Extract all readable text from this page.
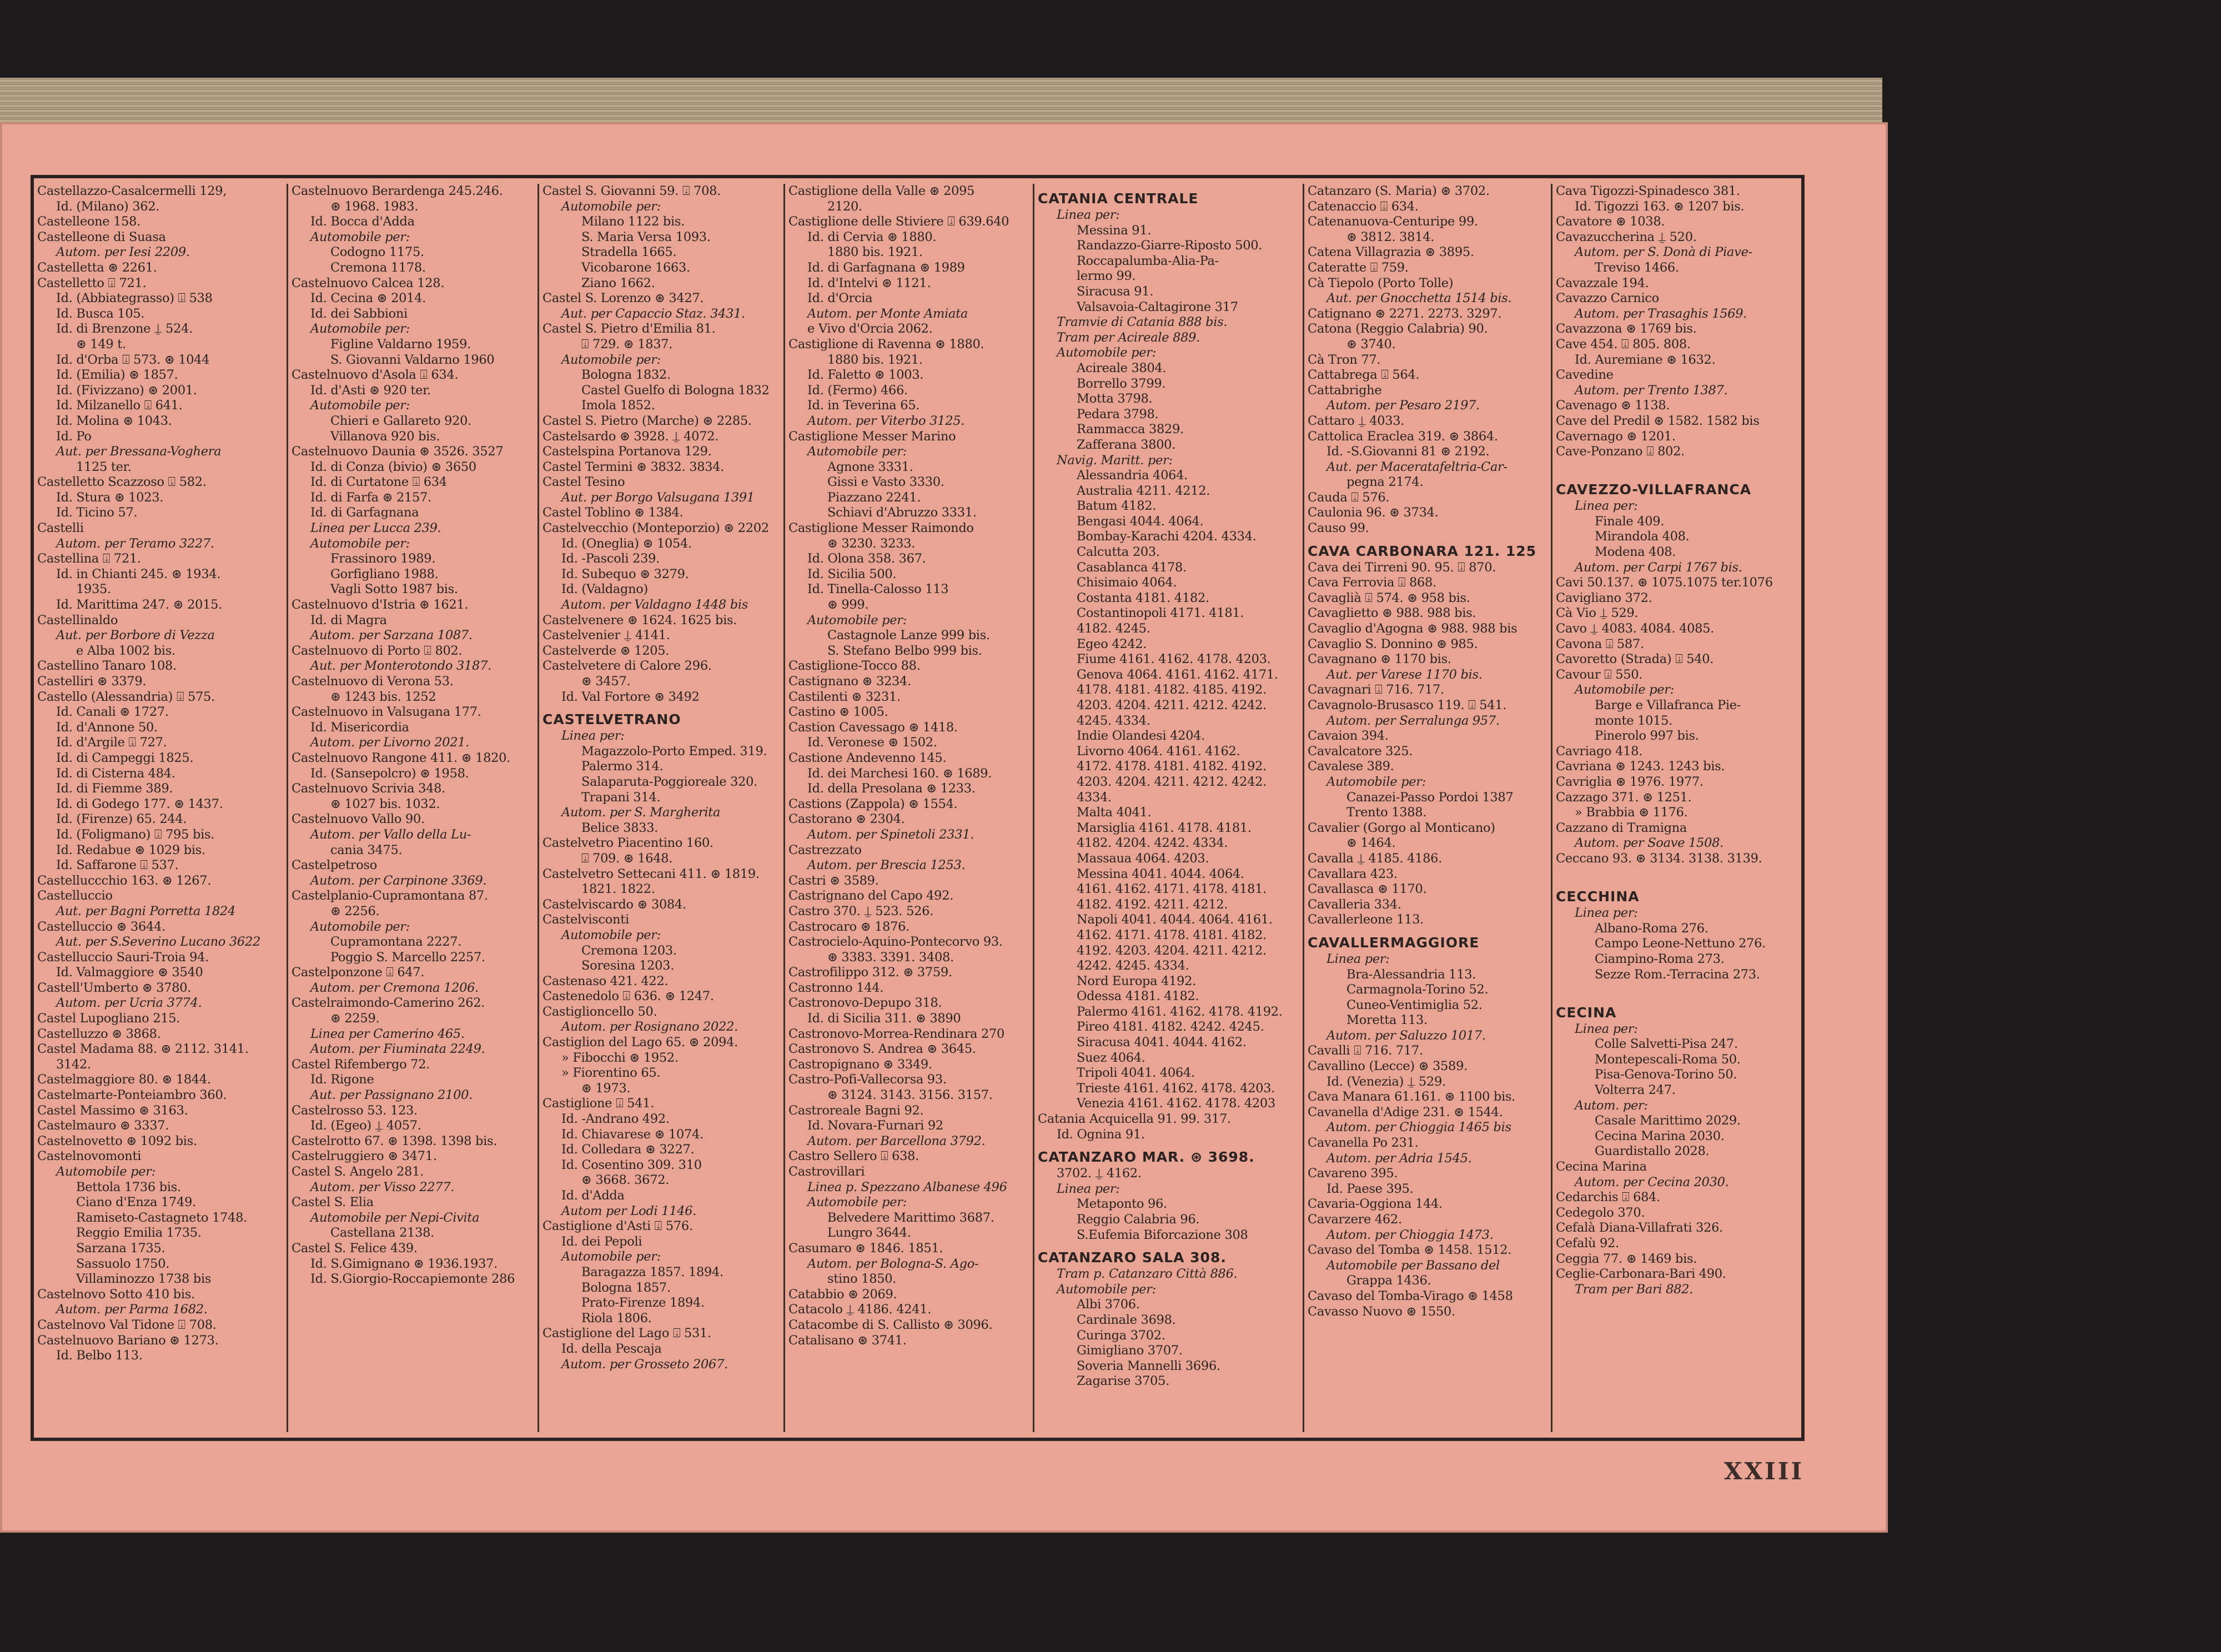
Castellazzo-Casalcermelli 129,
Id. (Milano) 362.
Castelleone 158.
Castelleone di Suasa
Autom. per Iesi 2209.
Castelletta ⊛ 2261.
Castelletto ⍗ 721.
Id. (Abbiategrasso) ⍗ 538
Id. Busca 105.
Id. di Brenzone ⍊ 524.
⊛ 149 t.
Id. d'Orba ⍗ 573. ⊛ 1044
Id. (Emilia) ⊛ 1857.
Id. (Fivizzano) ⊛ 2001.
Id. Milzanello ⍗ 641.
Id. Molina ⊛ 1043.
Id. Po
Aut. per Bressana-Voghera
1125 ter.
Castelletto Scazzoso ⍗ 582.
Id. Stura ⊛ 1023.
Id. Ticino 57.
Castelli
Autom. per Teramo 3227.
Castellina ⍗ 721.
Id. in Chianti 245. ⊛ 1934.
1935.
Id. Marittima 247. ⊛ 2015.
Castellinaldo
Aut. per Borbore di Vezza
e Alba 1002 bis.
Castellino Tanaro 108.
Castelliri ⊛ 3379.
Castello (Alessandria) ⍗ 575.
Id. Canali ⊛ 1727.
Id. d'Annone 50.
Id. d'Argile ⍗ 727.
Id. di Campeggi 1825.
Id. di Cisterna 484.
Id. di Fiemme 389.
Id. di Godego 177. ⊛ 1437.
Id. (Firenze) 65. 244.
Id. (Foligmano) ⍗ 795 bis.
Id. Redabue ⊛ 1029 bis.
Id. Saffarone ⍗ 537.
Castelluccchio 163. ⊛ 1267.
Castelluccio
Aut. per Bagni Porretta 1824
Castelluccio ⊛ 3644.
Aut. per S.Severino Lucano 3622
Castelluccio Sauri-Troia 94.
Id. Valmaggiore ⊛ 3540
Castell'Umberto ⊛ 3780.
Autom. per Ucria 3774.
Castel Lupogliano 215.
Castelluzzo ⊛ 3868.
Castel Madama 88. ⊛ 2112. 3141.
3142.
Castelmaggiore 80. ⊛ 1844.
Castelmarte-Ponteiambro 360.
Castel Massimo ⊛ 3163.
Castelmauro ⊛ 3337.
Castelnovetto ⊛ 1092 bis.
Castelnovomonti
Automobile per:
Bettola 1736 bis.
Ciano d'Enza 1749.
Ramiseto-Castagneto 1748.
Reggio Emilia 1735.
Sarzana 1735.
Sassuolo 1750.
Villaminozzo 1738 bis
Castelnovo Sotto 410 bis.
Autom. per Parma 1682.
Castelnovo Val Tidone ⍗ 708.
Castelnuovo Bariano ⊛ 1273.
Id. Belbo 113.
Castelnuovo Berardenga 245.246.
⊛ 1968. 1983.
Id. Bocca d'Adda
Automobile per:
Codogno 1175.
Cremona 1178.
Castelnuovo Calcea 128.
Id. Cecina ⊛ 2014.
Id. dei Sabbioni
Automobile per:
Figline Valdarno 1959.
S. Giovanni Valdarno 1960
Castelnuovo d'Asola ⍗ 634.
Id. d'Asti ⊛ 920 ter.
Automobile per:
Chieri e Gallareto 920.
Villanova 920 bis.
Castelnuovo Daunia ⊛ 3526. 3527
Id. di Conza (bivio) ⊛ 3650
Id. di Curtatone ⍗ 634
Id. di Farfa ⊛ 2157.
Id. di Garfagnana
Linea per Lucca 239.
Automobile per:
Frassinoro 1989.
Gorfigliano 1988.
Vagli Sotto 1987 bis.
Castelnuovo d'Istria ⊛ 1621.
Id. di Magra
Autom. per Sarzana 1087.
Castelnuovo di Porto ⍗ 802.
Aut. per Monterotondo 3187.
Castelnuovo di Verona 53.
⊛ 1243 bis. 1252
Castelnuovo in Valsugana 177.
Id. Misericordia
Autom. per Livorno 2021.
Castelnuovo Rangone 411. ⊛ 1820.
Id. (Sansepolcro) ⊛ 1958.
Castelnuovo Scrivia 348.
⊛ 1027 bis. 1032.
Castelnuovo Vallo 90.
Autom. per Vallo della Lu-
cania 3475.
Castelpetroso
Autom. per Carpinone 3369.
Castelplanio-Cupramontana 87.
⊛ 2256.
Automobile per:
Cupramontana 2227.
Poggio S. Marcello 2257.
Castelponzone ⍗ 647.
Autom. per Cremona 1206.
Castelraimondo-Camerino 262.
⊛ 2259.
Linea per Camerino 465.
Autom. per Fiuminata 2249.
Castel Rifembergo 72.
Id. Rigone
Aut. per Passignano 2100.
Castelrosso 53. 123.
Id. (Egeo) ⍊ 4057.
Castelrotto 67. ⊛ 1398. 1398 bis.
Castelruggiero ⊛ 3471.
Castel S. Angelo 281.
Autom. per Visso 2277.
Castel S. Elia
Automobile per Nepi-Civita
Castellana 2138.
Castel S. Felice 439.
Id. S.Gimignano ⊛ 1936.1937.
Id. S.Giorgio-Roccapiemonte 286
Castel S. Giovanni 59. ⍗ 708.
Automobile per:
Milano 1122 bis.
S. Maria Versa 1093.
Stradella 1665.
Vicobarone 1663.
Ziano 1662.
Castel S. Lorenzo ⊛ 3427.
Aut. per Capaccio Staz. 3431.
Castel S. Pietro d'Emilia 81.
⍗ 729. ⊛ 1837.
Automobile per:
Bologna 1832.
Castel Guelfo di Bologna 1832
Imola 1852.
Castel S. Pietro (Marche) ⊛ 2285.
Castelsardo ⊛ 3928. ⍊ 4072.
Castelspina Portanova 129.
Castel Termini ⊛ 3832. 3834.
Castel Tesino
Aut. per Borgo Valsugana 1391
Castel Toblino ⊛ 1384.
Castelvecchio (Monteporzio) ⊛ 2202
Id. (Oneglia) ⊛ 1054.
Id. -Pascoli 239.
Id. Subequo ⊛ 3279.
Id. (Valdagno)
Autom. per Valdagno 1448 bis
Castelvenere ⊛ 1624. 1625 bis.
Castelvenier ⍊ 4141.
Castelverde ⊛ 1205.
Castelvetere di Calore 296.
⊛ 3457.
Id. Val Fortore ⊛ 3492
CASTELVETRANO
Linea per:
Magazzolo-Porto Emped. 319.
Palermo 314.
Salaparuta-Poggioreale 320.
Trapani 314.
Autom. per S. Margherita
Belice 3833.
Castelvetro Piacentino 160.
⍗ 709. ⊛ 1648.
Castelvetro Settecani 411. ⊛ 1819.
1821. 1822.
Castelviscardo ⊛ 3084.
Castelvisconti
Automobile per:
Cremona 1203.
Soresina 1203.
Castenaso 421. 422.
Castenedolo ⍗ 636. ⊛ 1247.
Castiglioncello 50.
Autom. per Rosignano 2022.
Castiglion del Lago 65. ⊛ 2094.
» Fibocchi ⊛ 1952.
» Fiorentino 65.
⊛ 1973.
Castiglione ⍗ 541.
Id. -Andrano 492.
Id. Chiavarese ⊛ 1074.
Id. Colledara ⊛ 3227.
Id. Cosentino 309. 310
⊛ 3668. 3672.
Id. d'Adda
Autom per Lodi 1146.
Castiglione d'Asti ⍗ 576.
Id. dei Pepoli
Automobile per:
Baragazza 1857. 1894.
Bologna 1857.
Prato-Firenze 1894.
Riola 1806.
Castiglione del Lago ⍗ 531.
Id. della Pescaja
Autom. per Grosseto 2067.
Castiglione della Valle ⊛ 2095
2120.
Castiglione delle Stiviere ⍗ 639.640
Id. di Cervia ⊛ 1880.
1880 bis. 1921.
Id. di Garfagnana ⊛ 1989
Id. d'Intelvi ⊛ 1121.
Id. d'Orcia
Autom. per Monte Amiata
e Vivo d'Orcia 2062.
Castiglione di Ravenna ⊛ 1880.
1880 bis. 1921.
Id. Faletto ⊛ 1003.
Id. (Fermo) 466.
Id. in Teverina 65.
Autom. per Viterbo 3125.
Castiglione Messer Marino
Automobile per:
Agnone 3331.
Gissi e Vasto 3330.
Piazzano 2241.
Schiavi d'Abruzzo 3331.
Castiglione Messer Raimondo
⊛ 3230. 3233.
Id. Olona 358. 367.
Id. Sicilia 500.
Id. Tinella-Calosso 113
⊛ 999.
Automobile per:
Castagnole Lanze 999 bis.
S. Stefano Belbo 999 bis.
Castiglione-Tocco 88.
Castignano ⊛ 3234.
Castilenti ⊛ 3231.
Castino ⊛ 1005.
Castion Cavessago ⊛ 1418.
Id. Veronese ⊛ 1502.
Castione Andevenno 145.
Id. dei Marchesi 160. ⊛ 1689.
Id. della Presolana ⊛ 1233.
Castions (Zappola) ⊛ 1554.
Castorano ⊛ 2304.
Autom. per Spinetoli 2331.
Castrezzato
Autom. per Brescia 1253.
Castri ⊛ 3589.
Castrignano del Capo 492.
Castro 370. ⍊ 523. 526.
Castrocaro ⊛ 1876.
Castrocielo-Aquino-Pontecorvo 93.
⊛ 3383. 3391. 3408.
Castrofilippo 312. ⊛ 3759.
Castronno 144.
Castronovo-Depupo 318.
Id. di Sicilia 311. ⊛ 3890
Castronovo-Morrea-Rendinara 270
Castronovo S. Andrea ⊛ 3645.
Castropignano ⊛ 3349.
Castro-Pofi-Vallecorsa 93.
⊛ 3124. 3143. 3156. 3157.
Castroreale Bagni 92.
Id. Novara-Furnari 92
Autom. per Barcellona 3792.
Castro Sellero ⍗ 638.
Castrovillari
Linea p. Spezzano Albanese 496
Automobile per:
Belvedere Marittimo 3687.
Lungro 3644.
Casumaro ⊛ 1846. 1851.
Autom. per Bologna-S. Ago-
stino 1850.
Catabbio ⊛ 2069.
Catacolo ⍊ 4186. 4241.
Catacombe di S. Callisto ⊛ 3096.
Catalisano ⊛ 3741.
CATANIA CENTRALE
Linea per:
Messina 91.
Randazzo-Giarre-Riposto 500.
Roccapalumba-Alia-Pa-
lermo 99.
Siracusa 91.
Valsavoia-Caltagirone 317
Tramvie di Catania 888 bis.
Tram per Acireale 889.
Automobile per:
Acireale 3804.
Borrello 3799.
Motta 3798.
Pedara 3798.
Rammacca 3829.
Zafferana 3800.
Navig. Maritt. per:
Alessandria 4064.
Australia 4211. 4212.
Batum 4182.
Bengasi 4044. 4064.
Bombay-Karachi 4204. 4334.
Calcutta 203.
Casablanca 4178.
Chisimaio 4064.
Costanta 4181. 4182.
Costantinopoli 4171. 4181.
4182. 4245.
Egeo 4242.
Fiume 4161. 4162. 4178. 4203.
Genova 4064. 4161. 4162. 4171.
4178. 4181. 4182. 4185. 4192.
4203. 4204. 4211. 4212. 4242.
4245. 4334.
Indie Olandesi 4204.
Livorno 4064. 4161. 4162.
4172. 4178. 4181. 4182. 4192.
4203. 4204. 4211. 4212. 4242.
4334.
Malta 4041.
Marsiglia 4161. 4178. 4181.
4182. 4204. 4242. 4334.
Massaua 4064. 4203.
Messina 4041. 4044. 4064.
4161. 4162. 4171. 4178. 4181.
4182. 4192. 4211. 4212.
Napoli 4041. 4044. 4064. 4161.
4162. 4171. 4178. 4181. 4182.
4192. 4203. 4204. 4211. 4212.
4242. 4245. 4334.
Nord Europa 4192.
Odessa 4181. 4182.
Palermo 4161. 4162. 4178. 4192.
Pireo 4181. 4182. 4242. 4245.
Siracusa 4041. 4044. 4162.
Suez 4064.
Tripoli 4041. 4064.
Trieste 4161. 4162. 4178. 4203.
Venezia 4161. 4162. 4178. 4203
Catania Acquicella 91. 99. 317.
Id. Ognina 91.
CATANZARO MAR. ⊛ 3698.
3702. ⍊ 4162.
Linea per:
Metaponto 96.
Reggio Calabria 96.
S.Eufemia Biforcazione 308
CATANZARO SALA 308.
Tram p. Catanzaro Città 886.
Automobile per:
Albi 3706.
Cardinale 3698.
Curinga 3702.
Gimigliano 3707.
Soveria Mannelli 3696.
Zagarise 3705.
Catanzaro (S. Maria) ⊛ 3702.
Catenaccio ⍗ 634.
Catenanuova-Centuripe 99.
⊛ 3812. 3814.
Catena Villagrazia ⊛ 3895.
Cateratte ⍗ 759.
Cà Tiepolo (Porto Tolle)
Aut. per Gnocchetta 1514 bis.
Catignano ⊛ 2271. 2273. 3297.
Catona (Reggio Calabria) 90.
⊛ 3740.
Cà Tron 77.
Cattabrega ⍗ 564.
Cattabrighe
Autom. per Pesaro 2197.
Cattaro ⍊ 4033.
Cattolica Eraclea 319. ⊛ 3864.
Id. -S.Giovanni 81 ⊛ 2192.
Aut. per Maceratafeltria-Car-
pegna 2174.
Cauda ⍗ 576.
Caulonia 96. ⊛ 3734.
Causo 99.
CAVA CARBONARA 121. 125
Cava dei Tirreni 90. 95. ⍗ 870.
Cava Ferrovia ⍗ 868.
Cavaglià ⍗ 574. ⊛ 958 bis.
Cavaglietto ⊛ 988. 988 bis.
Cavaglio d'Agogna ⊛ 988. 988 bis
Cavaglio S. Donnino ⊛ 985.
Cavagnano ⊛ 1170 bis.
Aut. per Varese 1170 bis.
Cavagnari ⍗ 716. 717.
Cavagnolo-Brusasco 119. ⍗ 541.
Autom. per Serralunga 957.
Cavaion 394.
Cavalcatore 325.
Cavalese 389.
Automobile per:
Canazei-Passo Pordoi 1387
Trento 1388.
Cavalier (Gorgo al Monticano)
⊛ 1464.
Cavalla ⍊ 4185. 4186.
Cavallara 423.
Cavallasca ⊛ 1170.
Cavalleria 334.
Cavallerleone 113.
CAVALLERMAGGIORE
Linea per:
Bra-Alessandria 113.
Carmagnola-Torino 52.
Cuneo-Ventimiglia 52.
Moretta 113.
Autom. per Saluzzo 1017.
Cavalli ⍗ 716. 717.
Cavallino (Lecce) ⊛ 3589.
Id. (Venezia) ⍊ 529.
Cava Manara 61.161. ⊛ 1100 bis.
Cavanella d'Adige 231. ⊛ 1544.
Autom. per Chioggia 1465 bis
Cavanella Po 231.
Autom. per Adria 1545.
Cavareno 395.
Id. Paese 395.
Cavaria-Oggiona 144.
Cavarzere 462.
Autom. per Chioggia 1473.
Cavaso del Tomba ⊛ 1458. 1512.
Automobile per Bassano del
Grappa 1436.
Cavaso del Tomba-Virago ⊛ 1458
Cavasso Nuovo ⊛ 1550.
Cava Tigozzi-Spinadesco 381.
Id. Tigozzi 163. ⊛ 1207 bis.
Cavatore ⊛ 1038.
Cavazuccherina ⍊ 520.
Autom. per S. Donà di Piave-
Treviso 1466.
Cavazzale 194.
Cavazzo Carnico
Autom. per Trasaghis 1569.
Cavazzona ⊛ 1769 bis.
Cave 454. ⍗ 805. 808.
Id. Auremiane ⊛ 1632.
Cavedine
Autom. per Trento 1387.
Cavenago ⊛ 1138.
Cave del Predil ⊛ 1582. 1582 bis
Cavernago ⊛ 1201.
Cave-Ponzano ⍗ 802.

CAVEZZO-VILLAFRANCA
Linea per:
Finale 409.
Mirandola 408.
Modena 408.
Autom. per Carpi 1767 bis.
Cavi 50.137. ⊛ 1075.1075 ter.1076
Cavigliano 372.
Cà Vio ⍊ 529.
Cavo ⍊ 4083. 4084. 4085.
Cavona ⍗ 587.
Cavoretto (Strada) ⍗ 540.
Cavour ⍗ 550.
Automobile per:
Barge e Villafranca Pie-
monte 1015.
Pinerolo 997 bis.
Cavriago 418.
Cavriana ⊛ 1243. 1243 bis.
Cavriglia ⊛ 1976. 1977.
Cazzago 371. ⊛ 1251.
» Brabbia ⊛ 1176.
Cazzano di Tramigna
Autom. per Soave 1508.
Ceccano 93. ⊛ 3134. 3138. 3139.

CECCHINA
Linea per:
Albano-Roma 276.
Campo Leone-Nettuno 276.
Ciampino-Roma 273.
Sezze Rom.-Terracina 273.

CECINA
Linea per:
Colle Salvetti-Pisa 247.
Montepescali-Roma 50.
Pisa-Genova-Torino 50.
Volterra 247.
Autom. per:
Casale Marittimo 2029.
Cecina Marina 2030.
Guardistallo 2028.
Cecina Marina
Autom. per Cecina 2030.
Cedarchis ⍗ 684.
Cedegolo 370.
Cefalà Diana-Villafrati 326.
Cefalù 92.
Ceggia 77. ⊛ 1469 bis.
Ceglie-Carbonara-Bari 490.
Tram per Bari 882.
XXIII
